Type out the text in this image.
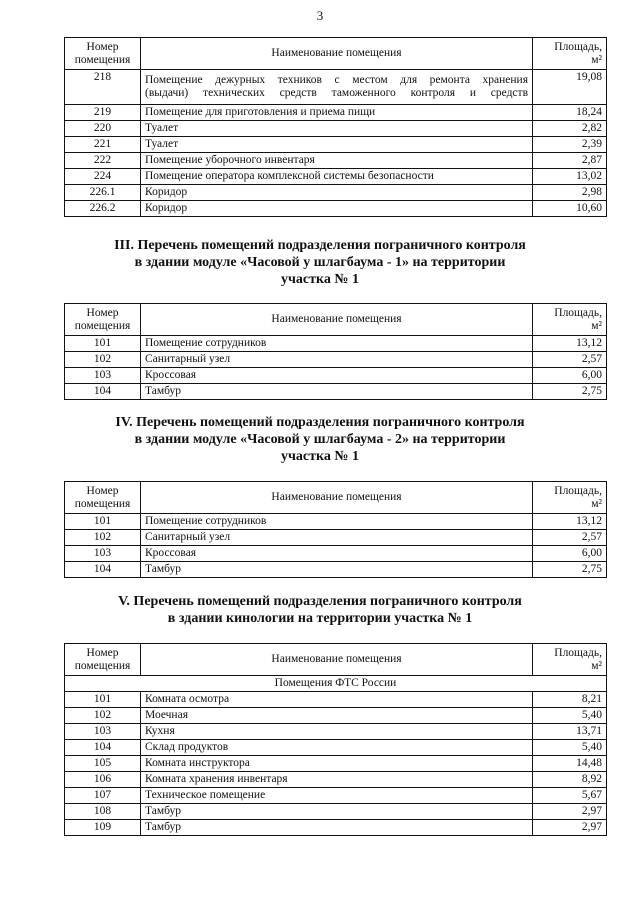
3
Номер
помещения	Наименование помещения	Площадь,
м²

218	Помещение дежурных техников с местом для ремонта хранения
(выдачи) технических средств таможенного контроля и средств	19,08
219	Помещение для приготовления и приема пищи	18,24
220	Туалет	2,82
221	Туалет	2,39
222	Помещение уборочного инвентаря	2,87
224	Помещение оператора комплексной системы безопасности	13,02
226.1	Коридор	2,98
226.2	Коридор	10,60
III. Перечень помещений подразделения пограничного контроля
в здании модуле «Часовой у шлагбаума - 1» на территории
участка № 1
Номер
помещения	Наименование помещения	Площадь,
м²

101	Помещение сотрудников	13,12
102	Санитарный узел	2,57
103	Кроссовая	6,00
104	Тамбур	2,75
IV. Перечень помещений подразделения пограничного контроля
в здании модуле «Часовой у шлагбаума - 2» на территории
участка № 1
Номер
помещения	Наименование помещения	Площадь,
м²

101	Помещение сотрудников	13,12
102	Санитарный узел	2,57
103	Кроссовая	6,00
104	Тамбур	2,75
V. Перечень помещений подразделения пограничного контроля
в здании кинологии на территории участка № 1
Номер
помещения	Наименование помещения	Площадь,
м²

Помещения ФТС России		
101	Комната осмотра	8,21
102	Моечная	5,40
103	Кухня	13,71
104	Склад продуктов	5,40
105	Комната инструктора	14,48
106	Комната хранения инвентаря	8,92
107	Техническое помещение	5,67
108	Тамбур	2,97
109	Тамбур	2,97
